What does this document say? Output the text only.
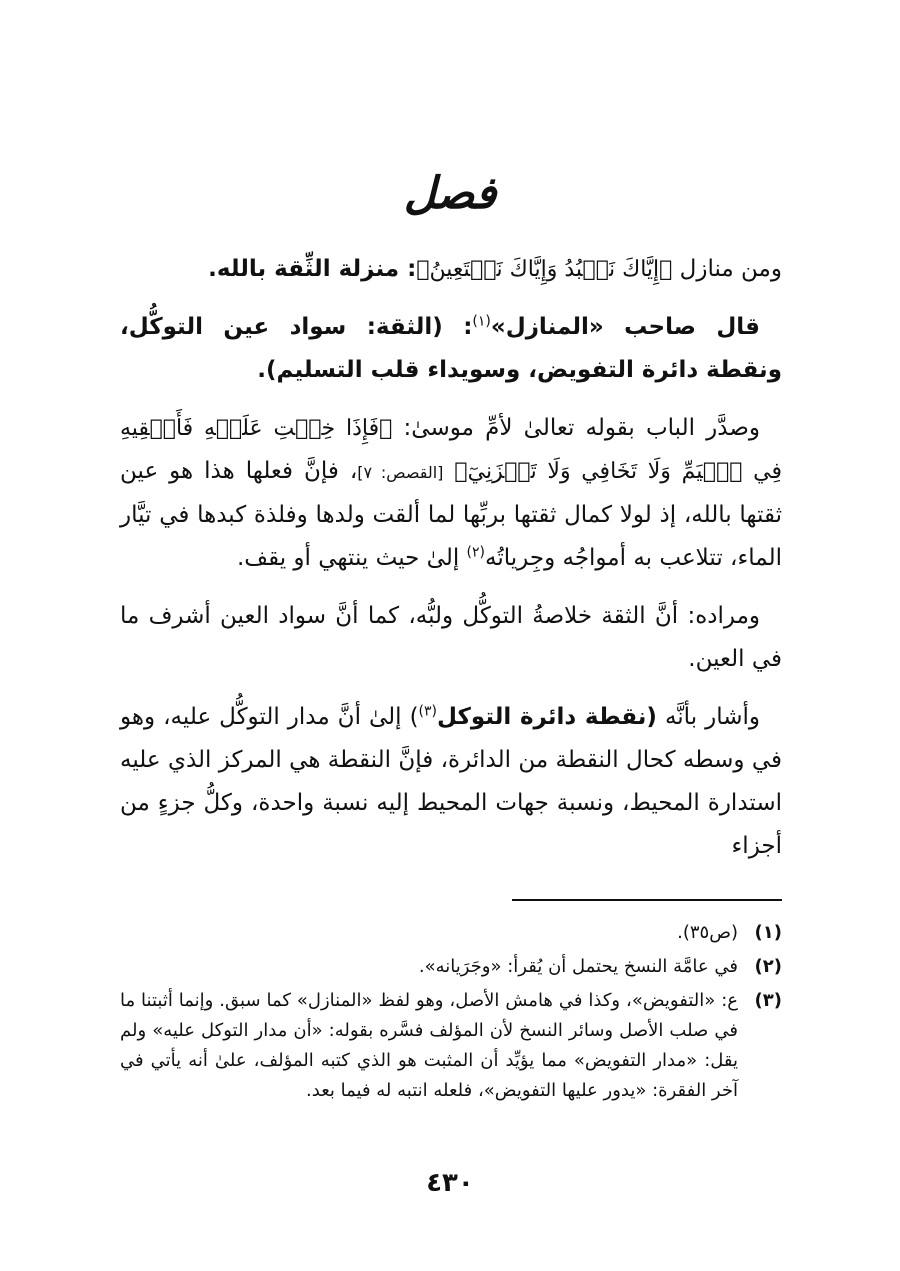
فصل

ومن منازل ﴿إِيَّاكَ نَعۡبُدُ وَإِيَّاكَ نَسۡتَعِينُ﴾: منزلة الثِّقة بالله.

قال صاحب «المنازل»$^{(١)}$: (الثقة: سواد عين التوكُّل، ونقطة دائرة التفويض، وسويداء قلب التسليم).

وصدَّر الباب بقوله تعالىٰ لأمِّ موسىٰ: ﴿فَإِذَا خِفۡتِ عَلَيۡهِ فَأَلۡقِيهِ فِي ٱلۡيَمِّ وَلَا تَخَافِي وَلَا تَحۡزَنِيٓ﴾ [القصص: ٧]، فإنَّ فعلها هذا هو عين ثقتها بالله، إذ لولا كمال ثقتها بربِّها لما ألقت ولدها وفلذة كبدها في تيَّار الماء، تتلاعب به أمواجُه وجِرياتُه$^{(٢)}$ إلىٰ حيث ينتهي أو يقف.

ومراده: أنَّ الثقة خلاصةُ التوكُّل ولبُّه، كما أنَّ سواد العين أشرف ما في العين.

وأشار بأنَّه (نقطة دائرة التوكل$^{(٣)}$) إلىٰ أنَّ مدار التوكُّل عليه، وهو في وسطه كحال النقطة من الدائرة، فإنَّ النقطة هي المركز الذي عليه استدارة المحيط، ونسبة جهات المحيط إليه نسبة واحدة، وكلُّ جزءٍ من أجزاء

(١)
(ص٣٥).
(٢)
في عامَّة النسخ يحتمل أن يُقرأ: «وجَرَيانه».
(٣)
ع: «التفويض»، وكذا في هامش الأصل، وهو لفظ «المنازل» كما سبق. وإنما أثبتنا ما في صلب الأصل وسائر النسخ لأن المؤلف فسَّره بقوله: «أن مدار التوكل عليه» ولم يقل: «مدار التفويض» مما يؤيِّد أن المثبت هو الذي كتبه المؤلف، علىٰ أنه يأتي في آخر الفقرة: «يدور عليها التفويض»، فلعله انتبه له فيما بعد.
٤٣٠
